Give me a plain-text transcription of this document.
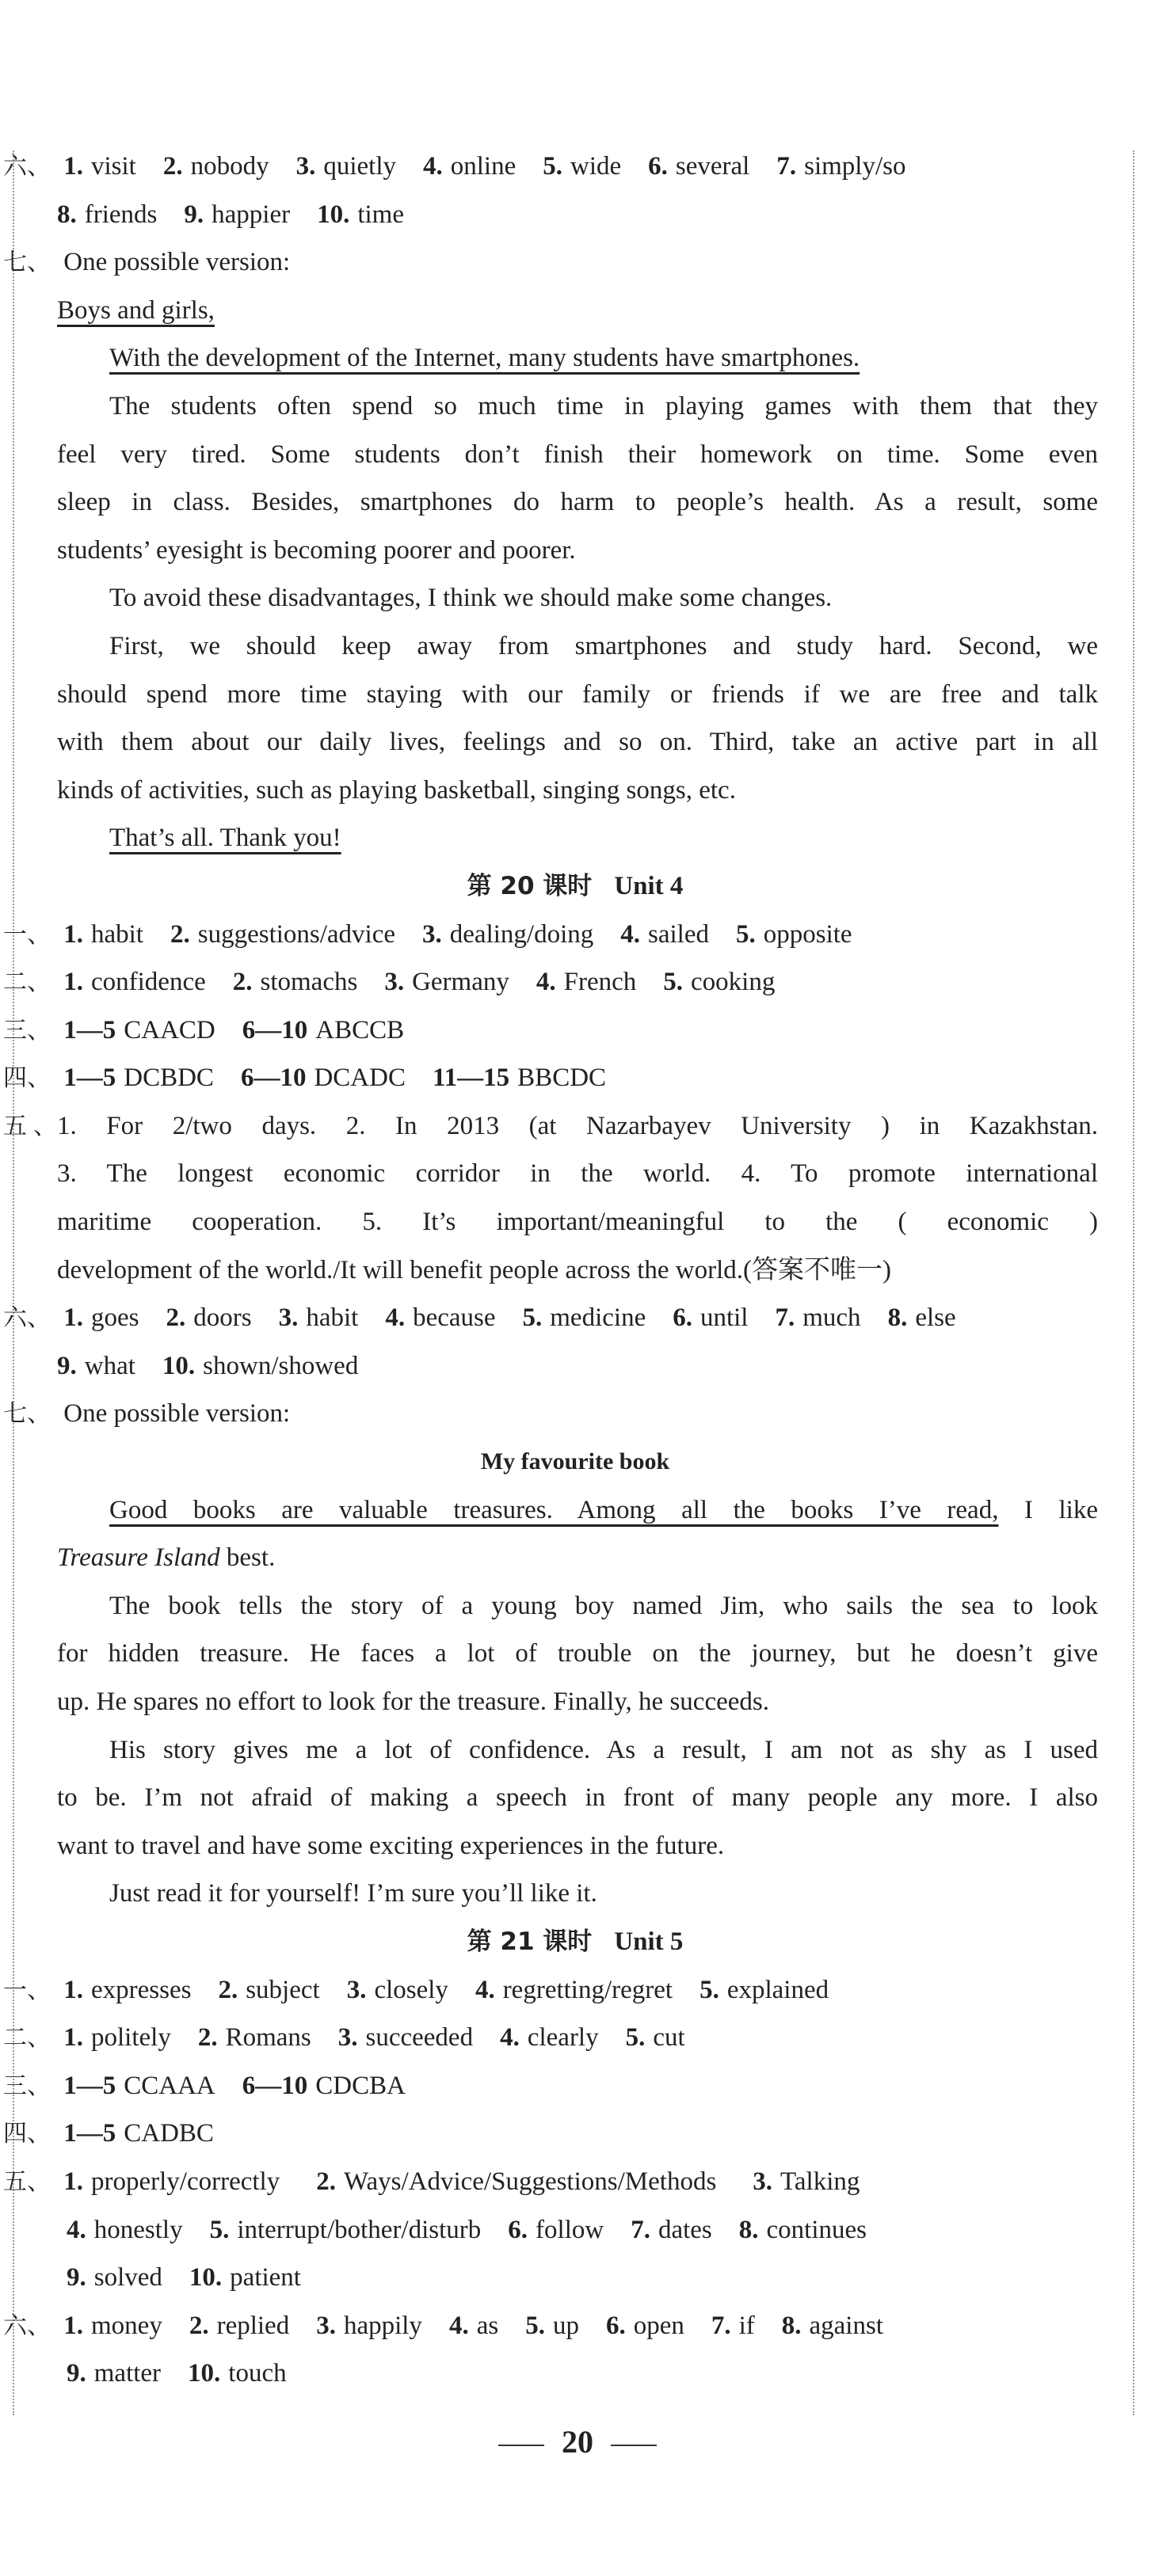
六、 1. visit 2. nobody 3. quietly 4. online 5. wide 6. several 7. simply/so
8. friends 9. happier 10. time
七、 One possible version:
Boys and girls,
With the development of the Internet, many students have smartphones.
The students often spend so much time in playing games with them that they
feel very tired. Some students don’t finish their homework on time. Some even
sleep in class. Besides, smartphones do harm to people’s health. As a result, some
students’ eyesight is becoming poorer and poorer.
To avoid these disadvantages, I think we should make some changes.
First, we should keep away from smartphones and study hard. Second, we
should spend more time staying with our family or friends if we are free and talk
with them about our daily lives, feelings and so on. Third, take an active part in all
kinds of activities, such as playing basketball, singing songs, etc.
That’s all. Thank you!
第 20 课时 Unit 4
一、 1. habit 2. suggestions/advice 3. dealing/doing 4. sailed 5. opposite
二、 1. confidence 2. stomachs 3. Germany 4. French 5. cooking
三、 1—5 CAACD 6—10 ABCCB
四、 1—5 DCBDC 6—10 DCADC 11—15 BBCDC
五、1. For 2/two days. 2. In 2013 (at Nazarbayev University ) in Kazakhstan.
3. The longest economic corridor in the world. 4. To promote international
maritime cooperation. 5. It’s important/meaningful to the ( economic )
development of the world./It will benefit people across the world.(答案不唯一)
六、 1. goes 2. doors 3. habit 4. because 5. medicine 6. until 7. much 8. else
9. what 10. shown/showed
七、 One possible version:
My favourite book
Good books are valuable treasures. Among all the books I’ve read, I like
Treasure Island best.
The book tells the story of a young boy named Jim, who sails the sea to look
for hidden treasure. He faces a lot of trouble on the journey, but he doesn’t give
up. He spares no effort to look for the treasure. Finally, he succeeds.
His story gives me a lot of confidence. As a result, I am not as shy as I used
to be. I’m not afraid of making a speech in front of many people any more. I also
want to travel and have some exciting experiences in the future.
Just read it for yourself! I’m sure you’ll like it.
第 21 课时 Unit 5
一、 1. expresses 2. subject 3. closely 4. regretting/regret 5. explained
二、 1. politely 2. Romans 3. succeeded 4. clearly 5. cut
三、 1—5 CCAAA 6—10 CDCBA
四、 1—5 CADBC
五、 1. properly/correctly 2. Ways/Advice/Suggestions/Methods 3. Talking
4. honestly 5. interrupt/bother/disturb 6. follow 7. dates 8. continues
9. solved 10. patient
六、 1. money 2. replied 3. happily 4. as 5. up 6. open 7. if 8. against
9. matter 10. touch
20
